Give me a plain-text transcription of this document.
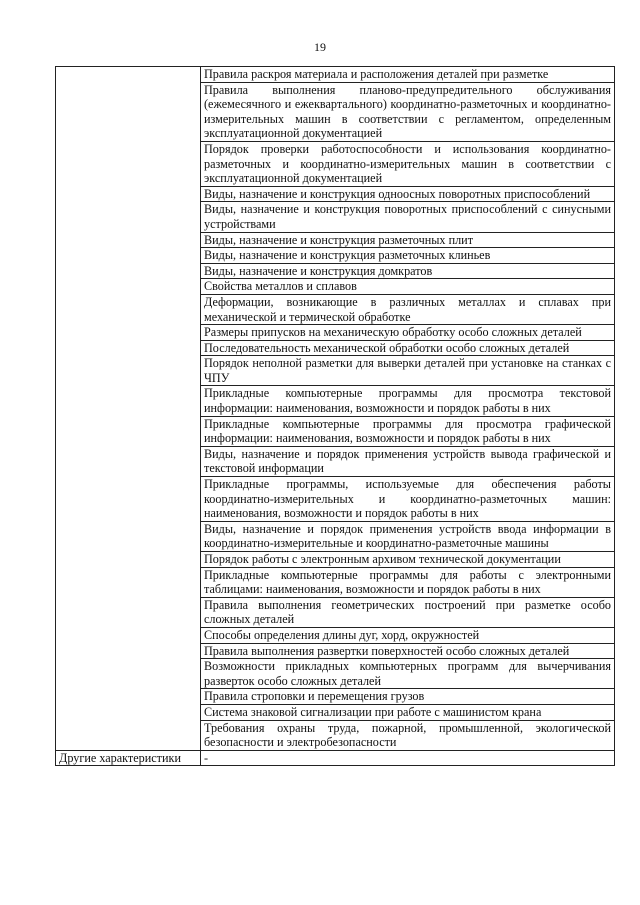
19
	Правила раскроя материала и расположения деталей при разметке
	Правила выполнения планово-предупредительного обслуживания (ежемесячного и ежеквартального) координатно-разметочных и координатно-измерительных машин в соответствии с регламентом, определенным эксплуатационной документацией
	Порядок проверки работоспособности и использования координатно-разметочных и координатно-измерительных машин в соответствии с эксплуатационной документацией
	Виды, назначение и конструкция одноосных поворотных приспособлений
	Виды, назначение и конструкция поворотных приспособлений с синусными устройствами
	Виды, назначение и конструкция разметочных плит
	Виды, назначение и конструкция разметочных клиньев
	Виды, назначение и конструкция домкратов
	Свойства металлов и сплавов
	Деформации, возникающие в различных металлах и сплавах при механической и термической обработке
	Размеры припусков на механическую обработку особо сложных деталей
	Последовательность механической обработки особо сложных деталей
	Порядок неполной разметки для выверки деталей при установке на станках с ЧПУ
	Прикладные компьютерные программы для просмотра текстовой информации: наименования, возможности и порядок работы в них
	Прикладные компьютерные программы для просмотра графической информации: наименования, возможности и порядок работы в них
	Виды, назначение и порядок применения устройств вывода графической и текстовой информации
	Прикладные программы, используемые для обеспечения работы координатно-измерительных и координатно-разметочных машин: наименования, возможности и порядок работы в них
	Виды, назначение и порядок применения устройств ввода информации в координатно-измерительные и координатно-разметочные машины
	Порядок работы с электронным архивом технической документации
	Прикладные компьютерные программы для работы с электронными таблицами: наименования, возможности и порядок работы в них
	Правила выполнения геометрических построений при разметке особо сложных деталей
	Способы определения длины дуг, хорд, окружностей
	Правила выполнения развертки поверхностей особо сложных деталей
	Возможности прикладных компьютерных программ для вычерчивания разверток особо сложных деталей
	Правила строповки и перемещения грузов
	Система знаковой сигнализации при работе с машинистом крана
	Требования охраны труда, пожарной, промышленной, экологической безопасности и электробезопасности
Другие характеристики	-
